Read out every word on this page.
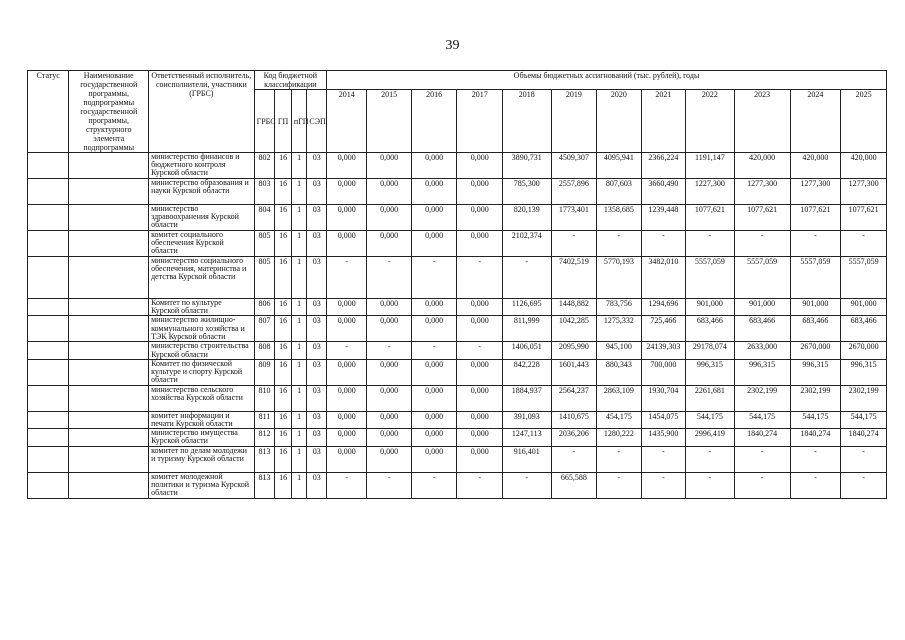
39
Статус	Наименование государственной программы, подпрограммы государственной программы, структурного элемента подпрограммы	Ответственный исполнитель, соисполнители, участники (ГРБС)	Код бюджетной классификации				Объемы бюджетных ассигнований (тыс. рублей), годы											
			ГРБС	ГП	пГП	СЭП	2014	2015	2016	2017	2018	2019	2020	2021	2022	2023	2024	2025

		министерство финансов и бюджетного контроля Курской области	802	16	1	03	0,000	0,000	0,000	0,000	3890,731	4509,307	4095,941	2366,224	1191,147	420,000	420,000	420,000
		министерство образования и науки Курской области	803	16	1	03	0,000	0,000	0,000	0,000	785,300	2557,896	807,603	3660,490	1227,300	1277,300	1277,300	1277,300
		министерство здравоохранения Курской области	804	16	1	03	0,000	0,000	0,000	0,000	820,139	1773,401	1358,685	1239,448	1077,621	1077,621	1077,621	1077,621
		комитет социального обеспечения Курской области	805	16	1	03	0,000	0,000	0,000	0,000	2102,374	-	-	-	-	-	-	-
		министерство социального обеспечения, материнства и детства Курской области	805	16	1	03	-	-	-	-	-	7402,519	5770,193	3482,010	5557,059	5557,059	5557,059	5557,059
		Комитет по культуре Курской области	806	16	1	03	0,000	0,000	0,000	0,000	1126,695	1448,882	783,756	1294,696	901,000	901,000	901,000	901,000
		министерство жилищно-коммунального хозяйства и ТЭК Курской области	807	16	1	03	0,000	0,000	0,000	0,000	811,999	1042,285	1275,332	725,466	683,466	683,466	683,466	683,466
		министерство строительства Курской области	808	16	1	03	-	-	-	-	1406,051	2095,990	945,100	24139,303	29178,074	2633,000	2670,000	2670,000
		Комитет по физической культуре и спорту Курской области	809	16	1	03	0,000	0,000	0,000	0,000	842,228	1601,443	880,343	700,000	996,315	996,315	996,315	996,315
		министерство сельского хозяйства Курской области	810	16	1	03	0,000	0,000	0,000	0,000	1884,937	2564,237	2863,109	1930,704	2261,681	2302,199	2302,199	2302,199
		комитет информации и печати Курской области	811	16	1	03	0,000	0,000	0,000	0,000	391,093	1410,675	454,175	1454,075	544,175	544,175	544,175	544,175
		министерство имущества Курской области	812	16	1	03	0,000	0,000	0,000	0,000	1247,113	2036,206	1280,222	1435,900	2996,419	1840,274	1840,274	1840,274
		комитет по делам молодежи и туризму Курской области	813	16	1	03	0,000	0,000	0,000	0,000	916,401	-	-	-	-	-	-	-
		комитет молодежной политики и туризма Курской области	813	16	1	03	-	-	-	-	-	665,588	-	-	-	-	-	-
